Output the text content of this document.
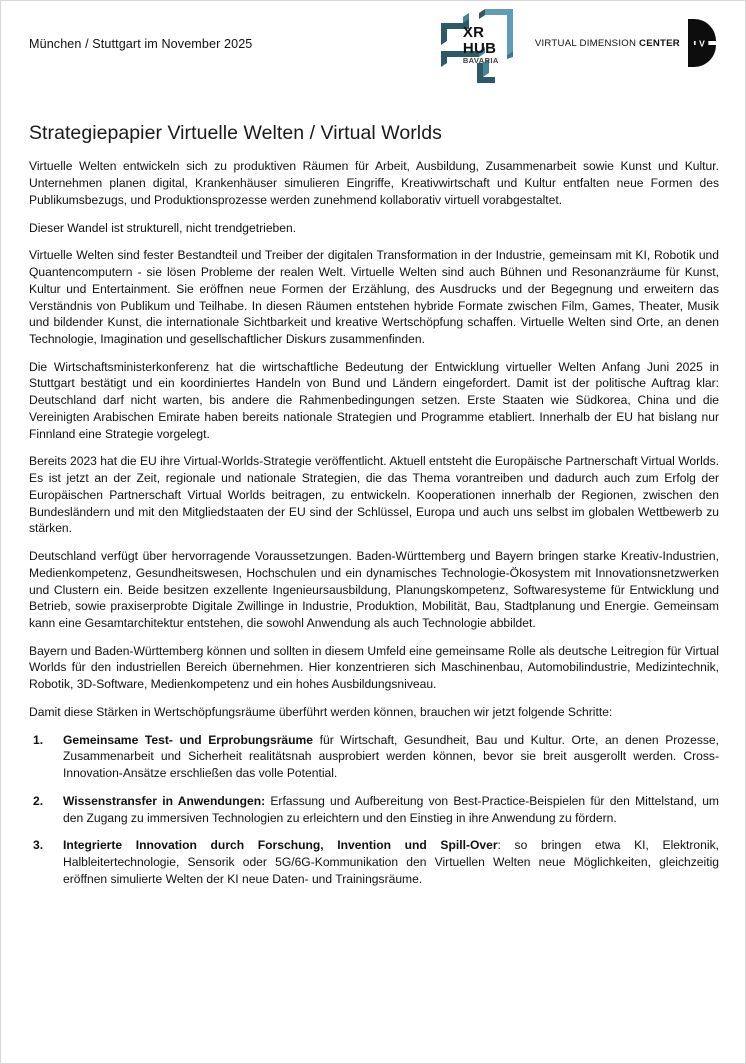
München / Stuttgart im November 2025
XR
HUB
BAVARIA
VIRTUAL DIMENSION CENTER V
Strategiepapier Virtuelle Welten / Virtual Worlds

Virtuelle Welten entwickeln sich zu produktiven Räumen für Arbeit, Ausbildung, Zusammenarbeit sowie Kunst und Kultur. Unternehmen planen digital, Krankenhäuser simulieren Eingriffe, Kreativwirtschaft und Kultur entfalten neue Formen des Publikumsbezugs, und Produktionsprozesse werden zunehmend kollaborativ virtuell vorabgestaltet.

Dieser Wandel ist strukturell, nicht trendgetrieben.

Virtuelle Welten sind fester Bestandteil und Treiber der digitalen Transformation in der Industrie, gemeinsam mit KI, Robotik und Quantencomputern - sie lösen Probleme der realen Welt. Virtuelle Welten sind auch Bühnen und Resonanzräume für Kunst, Kultur und Entertainment. Sie eröffnen neue Formen der Erzählung, des Ausdrucks und der Begegnung und erweitern das Verständnis von Publikum und Teilhabe. In diesen Räumen entstehen hybride Formate zwischen Film, Games, Theater, Musik und bildender Kunst, die internationale Sichtbarkeit und kreative Wertschöpfung schaffen. Virtuelle Welten sind Orte, an denen Technologie, Imagination und gesellschaftlicher Diskurs zusammenfinden.

Die Wirtschaftsministerkonferenz hat die wirtschaftliche Bedeutung der Entwicklung virtueller Welten Anfang Juni 2025 in Stuttgart bestätigt und ein koordiniertes Handeln von Bund und Ländern eingefordert. Damit ist der politische Auftrag klar: Deutschland darf nicht warten, bis andere die Rahmenbedingungen setzen. Erste Staaten wie Südkorea, China und die Vereinigten Arabischen Emirate haben bereits nationale Strategien und Programme etabliert. Innerhalb der EU hat bislang nur Finnland eine Strategie vorgelegt.

Bereits 2023 hat die EU ihre Virtual-Worlds-Strategie veröffentlicht. Aktuell entsteht die Europäische Partnerschaft Virtual Worlds. Es ist jetzt an der Zeit, regionale und nationale Strategien, die das Thema vorantreiben und dadurch auch zum Erfolg der Europäischen Partnerschaft Virtual Worlds beitragen, zu entwickeln. Kooperationen innerhalb der Regionen, zwischen den Bundesländern und mit den Mitgliedstaaten der EU sind der Schlüssel, Europa und auch uns selbst im globalen Wettbewerb zu stärken.

Deutschland verfügt über hervorragende Voraussetzungen. Baden-Württemberg und Bayern bringen starke Kreativ-Industrien, Medienkompetenz, Gesundheitswesen, Hochschulen und ein dynamisches Technologie-Ökosystem mit Innovationsnetzwerken und Clustern ein. Beide besitzen exzellente Ingenieursausbildung, Planungskompetenz, Softwaresysteme für Entwicklung und Betrieb, sowie praxiserprobte Digitale Zwillinge in Industrie, Produktion, Mobilität, Bau, Stadtplanung und Energie. Gemeinsam kann eine Gesamtarchitektur entstehen, die sowohl Anwendung als auch Technologie abbildet.

Bayern und Baden-Württemberg können und sollten in diesem Umfeld eine gemeinsame Rolle als deutsche Leitregion für Virtual Worlds für den industriellen Bereich übernehmen. Hier konzentrieren sich Maschinenbau, Automobilindustrie, Medizintechnik, Robotik, 3D-Software, Medienkompetenz und ein hohes Ausbildungsniveau.

Damit diese Stärken in Wertschöpfungsräume überführt werden können, brauchen wir jetzt folgende Schritte:

1. Gemeinsame Test- und Erprobungsräume für Wirtschaft, Gesundheit, Bau und Kultur. Orte, an denen Prozesse, Zusammenarbeit und Sicherheit realitätsnah ausprobiert werden können, bevor sie breit ausgerollt werden. Cross-Innovation-Ansätze erschließen das volle Potential.
2. Wissenstransfer in Anwendungen: Erfassung und Aufbereitung von Best-Practice-Beispielen für den Mittelstand, um den Zugang zu immersiven Technologien zu erleichtern und den Einstieg in ihre Anwendung zu fördern.
3. Integrierte Innovation durch Forschung, Invention und Spill-Over: so bringen etwa KI, Elektronik, Halbleitertechnologie, Sensorik oder 5G/6G-Kommunikation den Virtuellen Welten neue Möglichkeiten, gleichzeitig eröffnen simulierte Welten der KI neue Daten- und Trainingsräume.
